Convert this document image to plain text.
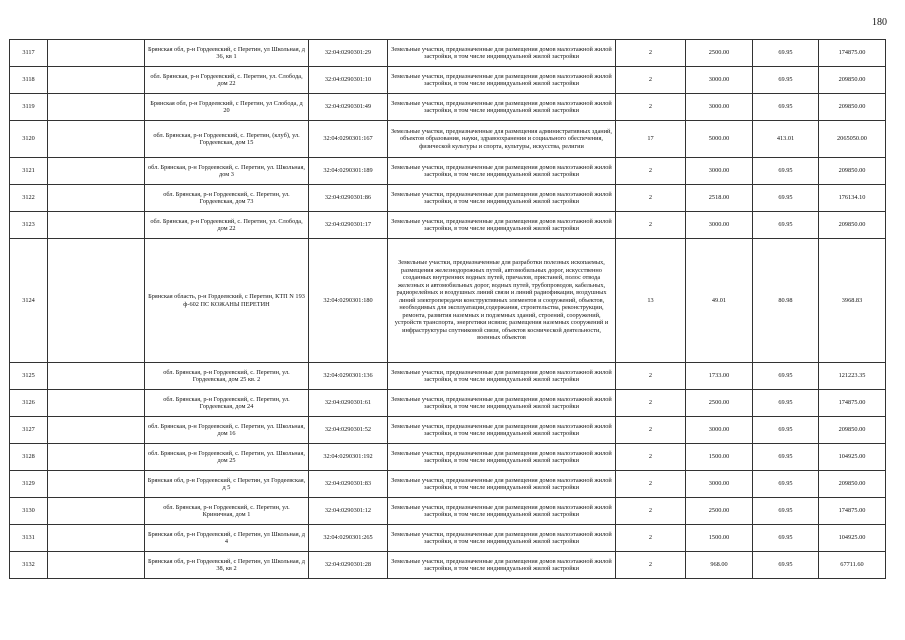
180
3117		Брянская обл, р-н Гордеевский, с Перетин, ул Школьная, д 36, кв 1	32:04:0290301:29	Земельные участки, предназначенные для размещения домов малоэтажной жилой застройки, в том числе индивидуальной жилой застройки	2	2500.00	69.95	174875.00
3118		обл. Брянская, р-н Гордеевский, с. Перетин, ул. Слобода, дом 22	32:04:0290301:10	Земельные участки, предназначенные для размещения домов малоэтажной жилой застройки, в том числе индивидуальной жилой застройки	2	3000.00	69.95	209850.00
3119		Брянская обл, р-н Гордеевский, с Перетин, ул Слобода, д 20	32:04:0290301:49	Земельные участки, предназначенные для размещения домов малоэтажной жилой застройки, в том числе индивидуальной жилой застройки	2	3000.00	69.95	209850.00
3120		обл. Брянская, р-н Гордеевский, с. Перетин, (клуб), ул. Гордеевская, дом 15	32:04:0290301:167	Земельные участки, предназначенные для размещения административных зданий, объектов образования, науки, здравоохранения и социального обеспечения, физической культуры и спорта, культуры, искусства, религии	17	5000.00	413.01	2065050.00
3121		обл. Брянская, р-н Гордеевский, с. Перетин, ул. Школьная, дом 3	32:04:0290301:189	Земельные участки, предназначенные для размещения домов малоэтажной жилой застройки, в том числе индивидуальной жилой застройки	2	3000.00	69.95	209850.00
3122		обл. Брянская, р-н Гордеевский, с. Перетин, ул. Гордеевская, дом 73	32:04:0290301:86	Земельные участки, предназначенные для размещения домов малоэтажной жилой застройки, в том числе индивидуальной жилой застройки	2	2518.00	69.95	176134.10
3123		обл. Брянская, р-н Гордеевский, с. Перетин, ул. Слобода, дом 22	32:04:0290301:17	Земельные участки, предназначенные для размещения домов малоэтажной жилой застройки, в том числе индивидуальной жилой застройки	2	3000.00	69.95	209850.00
3124		Брянская область, р-н Гордеевский, с Перетин, КТП N 193 ф-602 ПС КОЖАНЫ ПЕРЕТИН	32:04:0290301:180	Земельные участки, предназначенные для разработки полезных ископаемых, размещения железнодорожных путей, автомобильных дорог, искусственно созданных внутренних водных путей, причалов, пристаней, полос отвода железных и автомобильных дорог, водных путей, трубопроводов, кабельных, радиорелейных и воздушных линий связи и линий радиофикации, воздушных линий электропередачи конструктивных элементов и сооружений, объектов, необходимых для эксплуатации,содержания, строительства, реконструкции, ремонта, развития наземных и подземных зданий, строений, сооружений, устройств транспорта, энергетики исвязи; размещения наземных сооружений и инфраструктуры спутниковой связи, объектов космической деятельности, военных объектов	13	49.01	80.98	3968.83
3125		обл. Брянская, р-н Гордеевский, с. Перетин, ул. Гордеевская, дом 25 кв. 2	32:04:0290301:136	Земельные участки, предназначенные для размещения домов малоэтажной жилой застройки, в том числе индивидуальной жилой застройки	2	1733.00	69.95	121223.35
3126		обл. Брянская, р-н Гордеевский, с. Перетин, ул. Гордеевская, дом 24	32:04:0290301:61	Земельные участки, предназначенные для размещения домов малоэтажной жилой застройки, в том числе индивидуальной жилой застройки	2	2500.00	69.95	174875.00
3127		обл. Брянская, р-н Гордеевский, с. Перетин, ул. Школьная, дом 16	32:04:0290301:52	Земельные участки, предназначенные для размещения домов малоэтажной жилой застройки, в том числе индивидуальной жилой застройки	2	3000.00	69.95	209850.00
3128		обл. Брянская, р-н Гордеевский, с. Перетин, ул. Школьная, дом 25	32:04:0290301:192	Земельные участки, предназначенные для размещения домов малоэтажной жилой застройки, в том числе индивидуальной жилой застройки	2	1500.00	69.95	104925.00
3129		Брянская обл, р-н Гордеевский, с Перетин, ул Гордеевская, д 5	32:04:0290301:83	Земельные участки, предназначенные для размещения домов малоэтажной жилой застройки, в том числе индивидуальной жилой застройки	2	3000.00	69.95	209850.00
3130		обл. Брянская, р-н Гордеевский, с. Перетин, ул. Криничная, дом 1	32:04:0290301:12	Земельные участки, предназначенные для размещения домов малоэтажной жилой застройки, в том числе индивидуальной жилой застройки	2	2500.00	69.95	174875.00
3131		Брянская обл, р-н Гордеевский, с Перетин, ул Школьная, д 4	32:04:0290301:265	Земельные участки, предназначенные для размещения домов малоэтажной жилой застройки, в том числе индивидуальной жилой застройки	2	1500.00	69.95	104925.00
3132		Брянская обл, р-н Гордеевский, с Перетин, ул Школьная, д 38, кв 2	32:04:0290301:28	Земельные участки, предназначенные для размещения домов малоэтажной жилой застройки, в том числе индивидуальной жилой застройки	2	968.00	69.95	67711.60
